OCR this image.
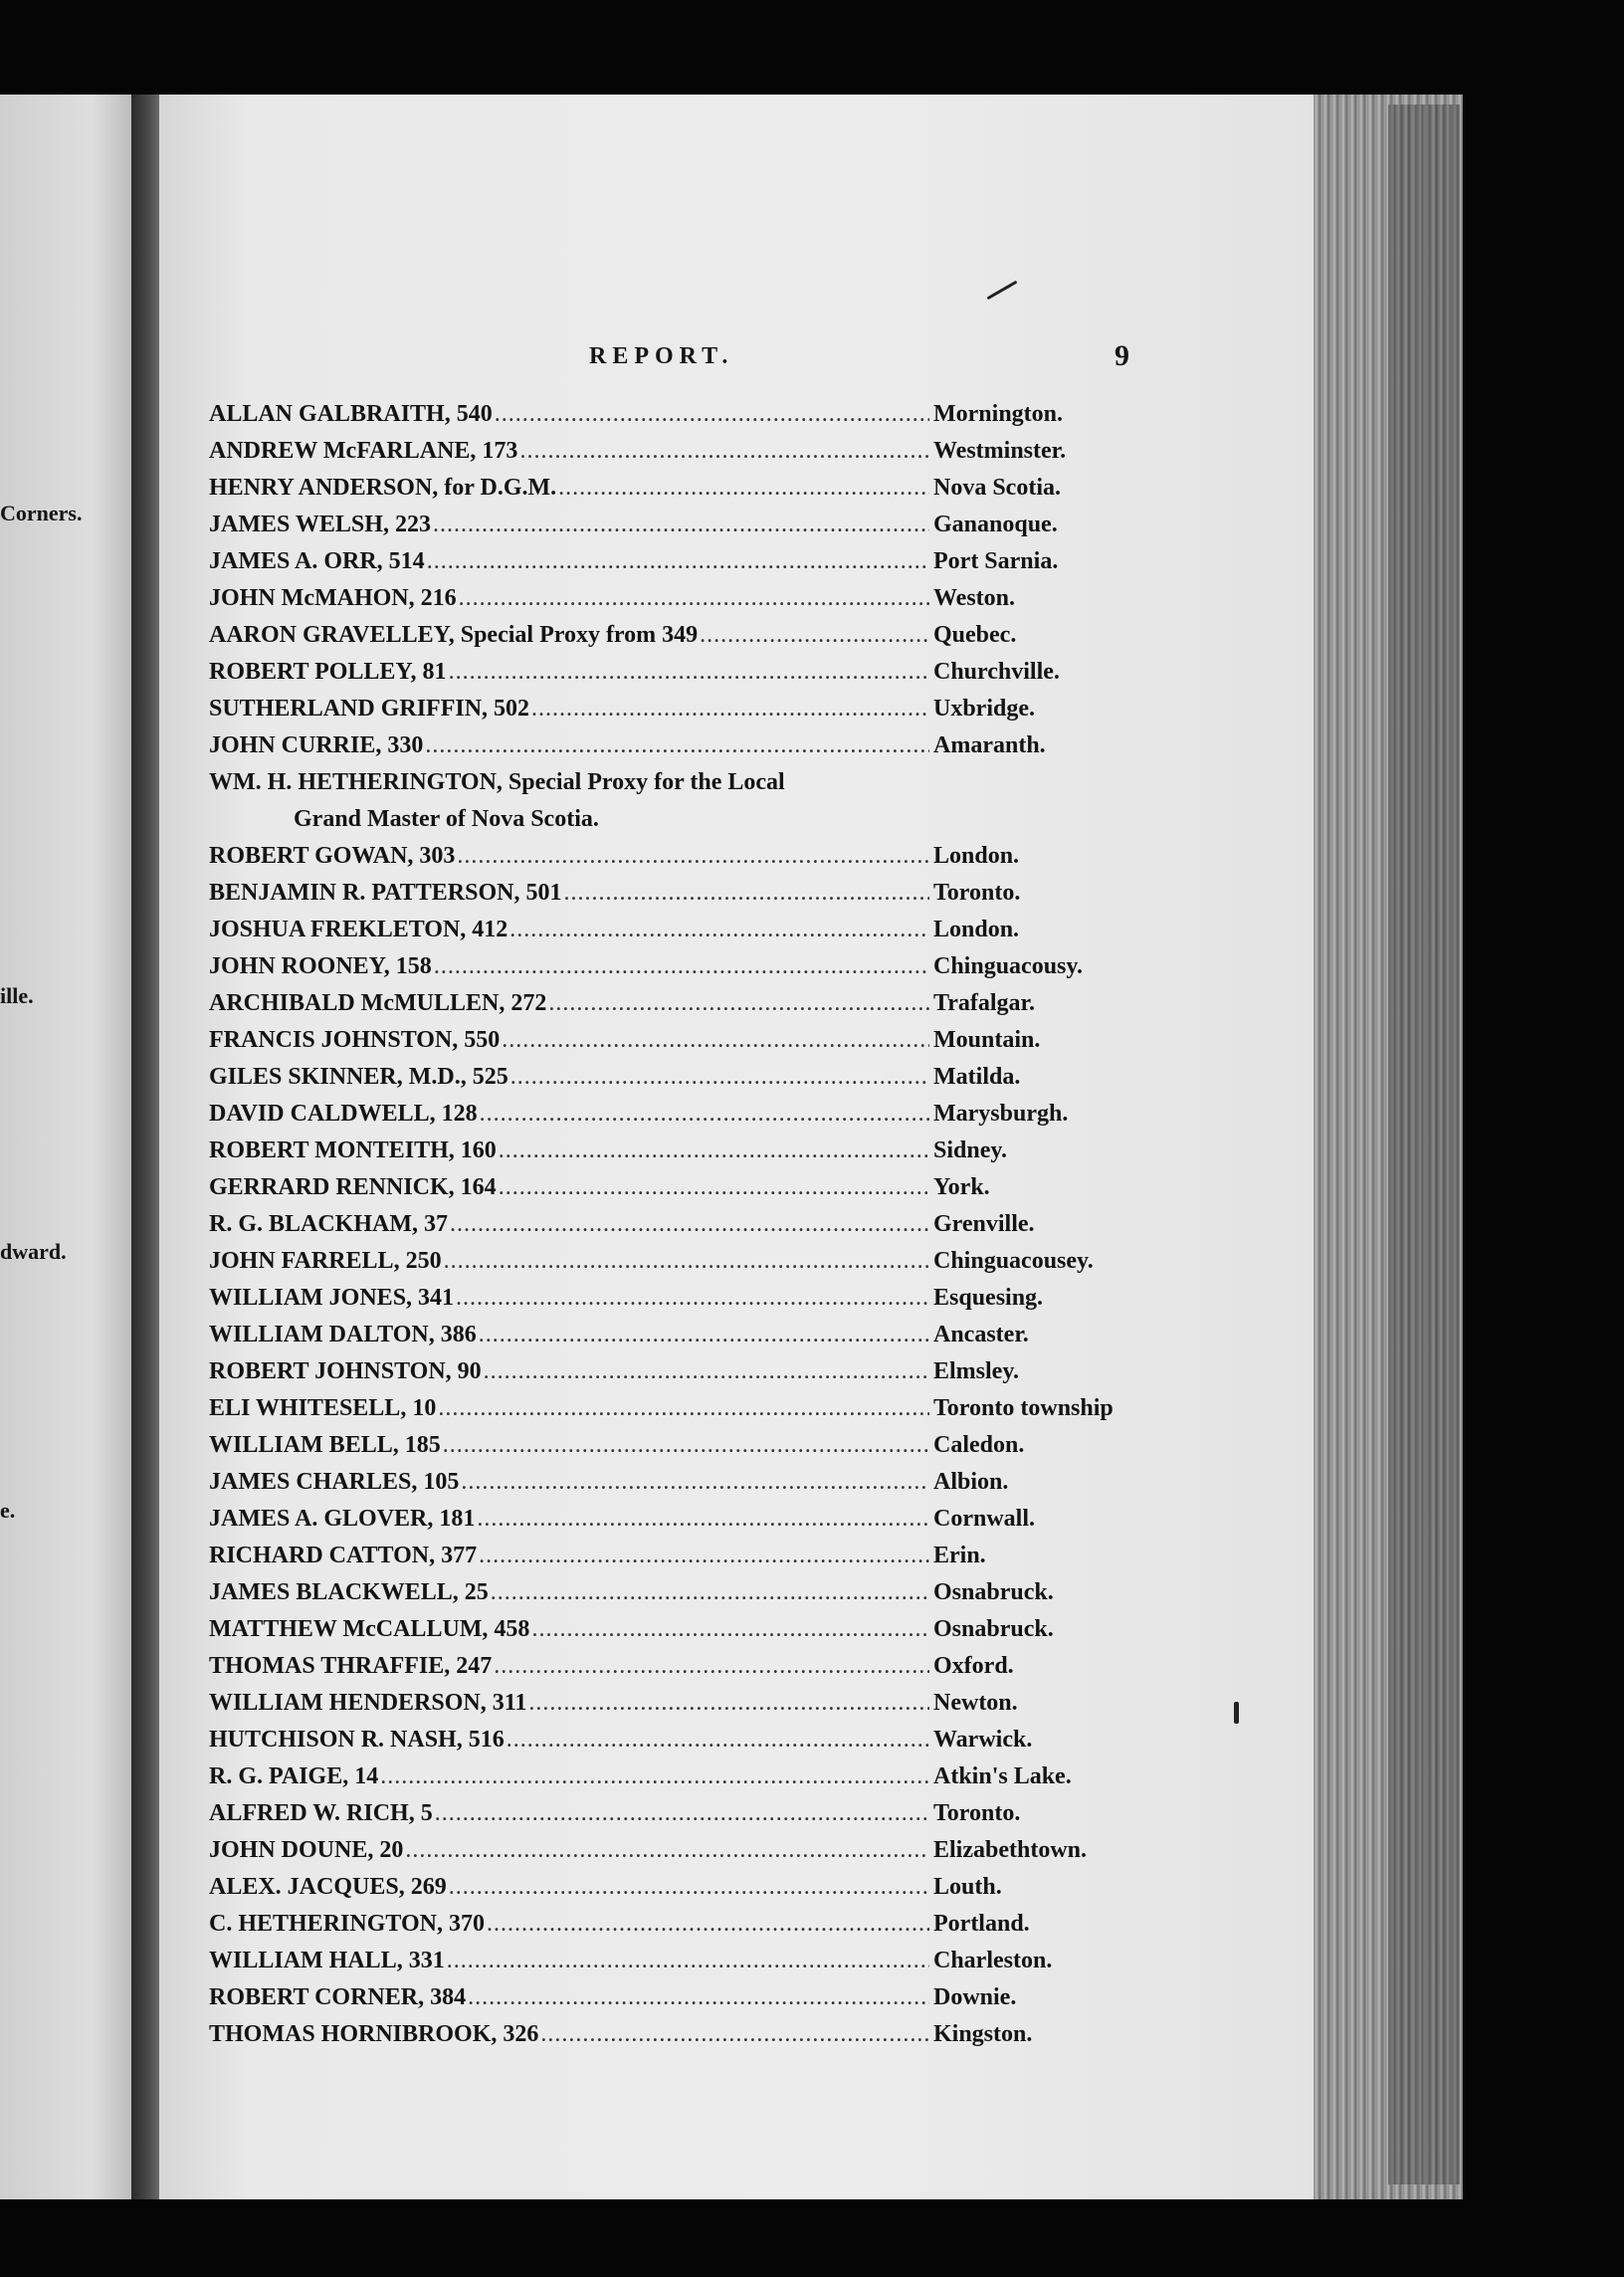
Corners.
ille.
dward.
e.
REPORT.	9
ALLAN GALBRAITH, 540 .....	Mornington.
ANDREW McFARLANE, 173 .....	Westminster.
HENRY ANDERSON, for D.G.M. .....	Nova Scotia.
JAMES WELSH, 223 .....	Gananoque.
JAMES A. ORR, 514 .....	Port Sarnia.
JOHN McMAHON, 216 .....	Weston.
AARON GRAVELLEY, Special Proxy from 349 .....	Quebec.
ROBERT POLLEY, 81 .....	Churchville.
SUTHERLAND GRIFFIN, 502 .....	Uxbridge.
JOHN CURRIE, 330 .....	Amaranth.
WM. H. HETHERINGTON, Special Proxy for the Local
Grand Master of Nova Scotia.
ROBERT GOWAN, 303 .....	London.
BENJAMIN R. PATTERSON, 501 .....	Toronto.
JOSHUA FREKLETON, 412 .....	London.
JOHN ROONEY, 158 .....	Chinguacousy.
ARCHIBALD McMULLEN, 272 .....	Trafalgar.
FRANCIS JOHNSTON, 550 .....	Mountain.
GILES SKINNER, M.D., 525 .....	Matilda.
DAVID CALDWELL, 128 .....	Marysburgh.
ROBERT MONTEITH, 160 .....	Sidney.
GERRARD RENNICK, 164 .....	York.
R. G. BLACKHAM, 37 .....	Grenville.
JOHN FARRELL, 250 .....	Chinguacousey.
WILLIAM JONES, 341 .....	Esquesing.
WILLIAM DALTON, 386 .....	Ancaster.
ROBERT JOHNSTON, 90 .....	Elmsley.
ELI WHITESELL, 10 .....	Toronto township
WILLIAM BELL, 185 .....	Caledon.
JAMES CHARLES, 105 .....	Albion.
JAMES A. GLOVER, 181 .....	Cornwall.
RICHARD CATTON, 377 .....	Erin.
JAMES BLACKWELL, 25 .....	Osnabruck.
MATTHEW McCALLUM, 458 .....	Osnabruck.
THOMAS THRAFFIE, 247 .....	Oxford.
WILLIAM HENDERSON, 311 .....	Newton.
HUTCHISON R. NASH, 516 .....	Warwick.
R. G. PAIGE, 14 .....	Atkin's Lake.
ALFRED W. RICH, 5 .....	Toronto.
JOHN DOUNE, 20 .....	Elizabethtown.
ALEX. JACQUES, 269 .....	Louth.
C. HETHERINGTON, 370 .....	Portland.
WILLIAM HALL, 331 .....	Charleston.
ROBERT CORNER, 384 .....	Downie.
THOMAS HORNIBROOK, 326 .....	Kingston.
